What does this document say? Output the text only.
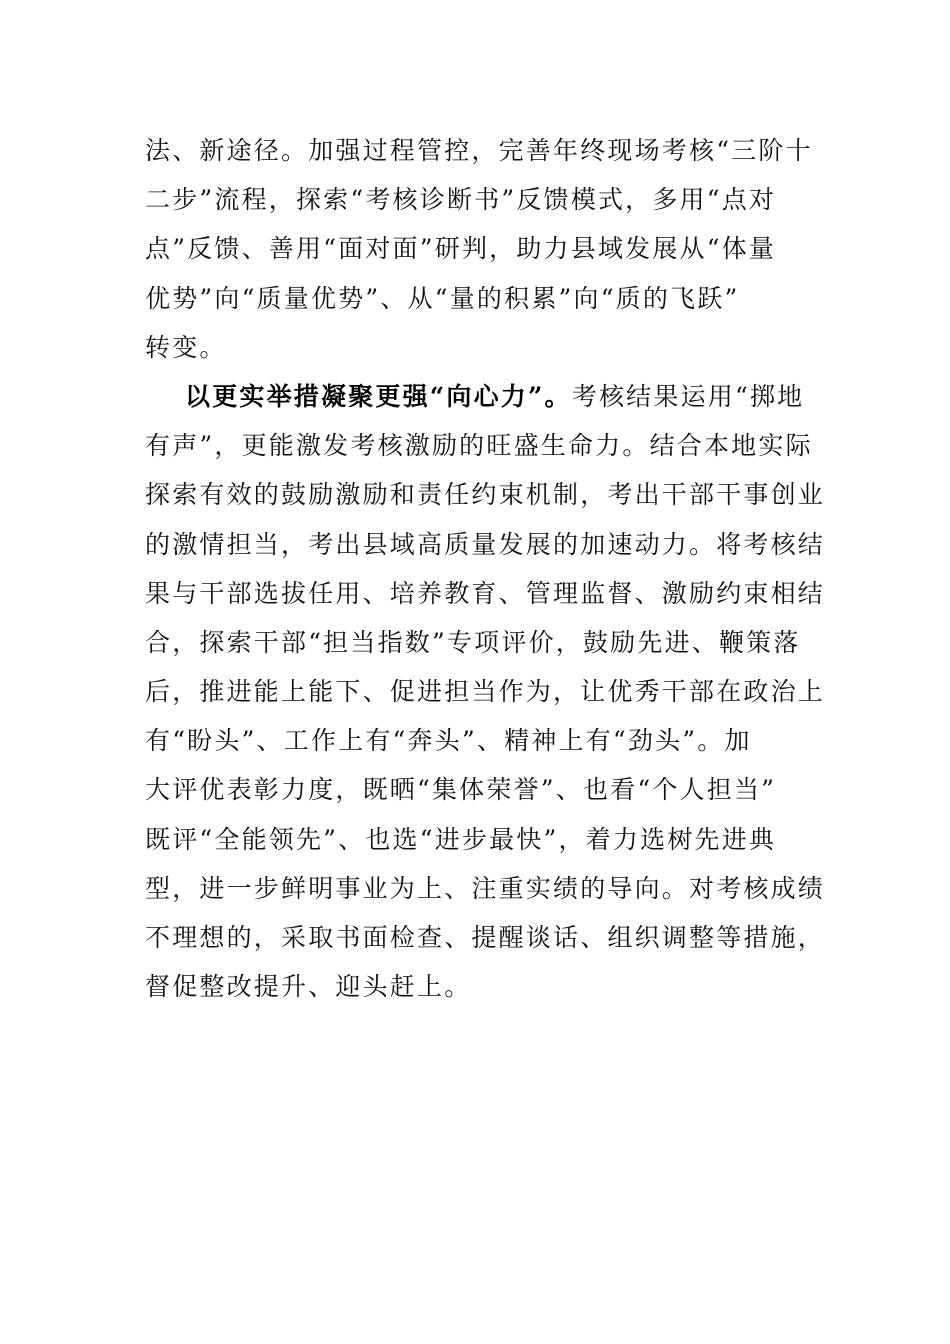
法、新途径。加强过程管控，完善年终现场考核“三阶十
二步”流程，探索“考核诊断书”反馈模式，多用“点对
点”反馈、善用“面对面”研判，助力县域发展从“体量
优势”向“质量优势”、从“量的积累”向“质的飞跃”
转变。
以更实举措凝聚更强“向心力”。考核结果运用“掷地
有声”，更能激发考核激励的旺盛生命力。结合本地实际
探索有效的鼓励激励和责任约束机制，考出干部干事创业
的激情担当，考出县域高质量发展的加速动力。将考核结
果与干部选拔任用、培养教育、管理监督、激励约束相结
合，探索干部“担当指数”专项评价，鼓励先进、鞭策落
后，推进能上能下、促进担当作为，让优秀干部在政治上
有“盼头”、工作上有“奔头”、精神上有“劲头”。加
大评优表彰力度，既晒“集体荣誉”、也看“个人担当”
既评“全能领先”、也选“进步最快”，着力选树先进典
型，进一步鲜明事业为上、注重实绩的导向。对考核成绩
不理想的，采取书面检查、提醒谈话、组织调整等措施，
督促整改提升、迎头赶上。
